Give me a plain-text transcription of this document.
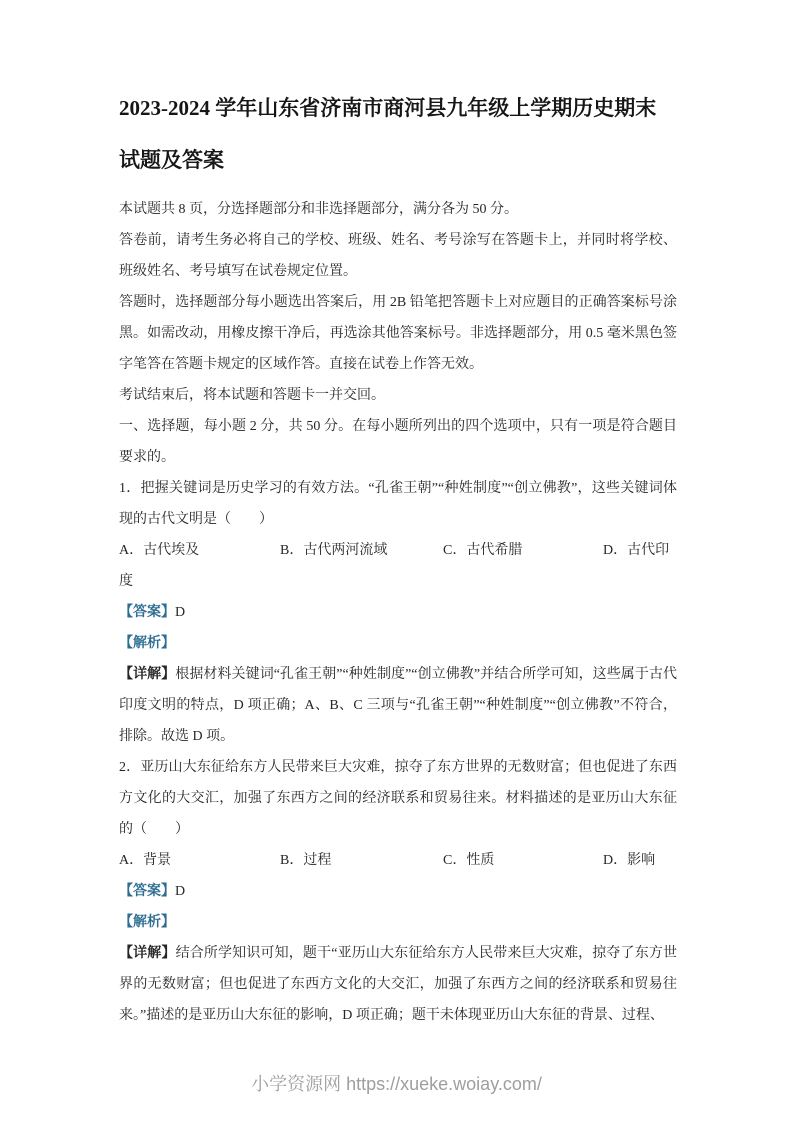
2023-2024 学年山东省济南市商河县九年级上学期历史期末试题及答案

本试题共 8 页，分选择题部分和非选择题部分，满分各为 50 分。

答卷前，请考生务必将自己的学校、班级、姓名、考号涂写在答题卡上，并同时将学校、班级姓名、考号填写在试卷规定位置。

答题时，选择题部分每小题选出答案后，用 2B 铅笔把答题卡上对应题目的正确答案标号涂黑。如需改动，用橡皮擦干净后，再选涂其他答案标号。非选择题部分，用 0.5 毫米黑色签字笔答在答题卡规定的区域作答。直接在试卷上作答无效。

考试结束后，将本试题和答题卡一并交回。

一、选择题，每小题 2 分，共 50 分。在每小题所列出的四个选项中，只有一项是符合题目要求的。

1．把握关键词是历史学习的有效方法。“孔雀王朝”“种姓制度”“创立佛教”，这些关键词体现的古代文明是（　　）

A．古代埃及	B．古代两河流域	C．古代希腊	D．古代印度

【答案】D

【解析】

【详解】根据材料关键词“孔雀王朝”“种姓制度”“创立佛教”并结合所学可知，这些属于古代印度文明的特点，D 项正确；A、B、C 三项与“孔雀王朝”“种姓制度”“创立佛教”不符合，排除。故选 D 项。

2．亚历山大东征给东方人民带来巨大灾难，掠夺了东方世界的无数财富；但也促进了东西方文化的大交汇，加强了东西方之间的经济联系和贸易往来。材料描述的是亚历山大东征的（　　）

A．背景	B．过程	C．性质	D．影响

【答案】D

【解析】

【详解】结合所学知识可知，题干“亚历山大东征给东方人民带来巨大灾难，掠夺了东方世界的无数财富；但也促进了东西方文化的大交汇，加强了东西方之间的经济联系和贸易往来。”描述的是亚历山大东征的影响，D 项正确；题干未体现亚历山大东征的背景、过程、

小学资源网 https://xueke.woiay.com/
